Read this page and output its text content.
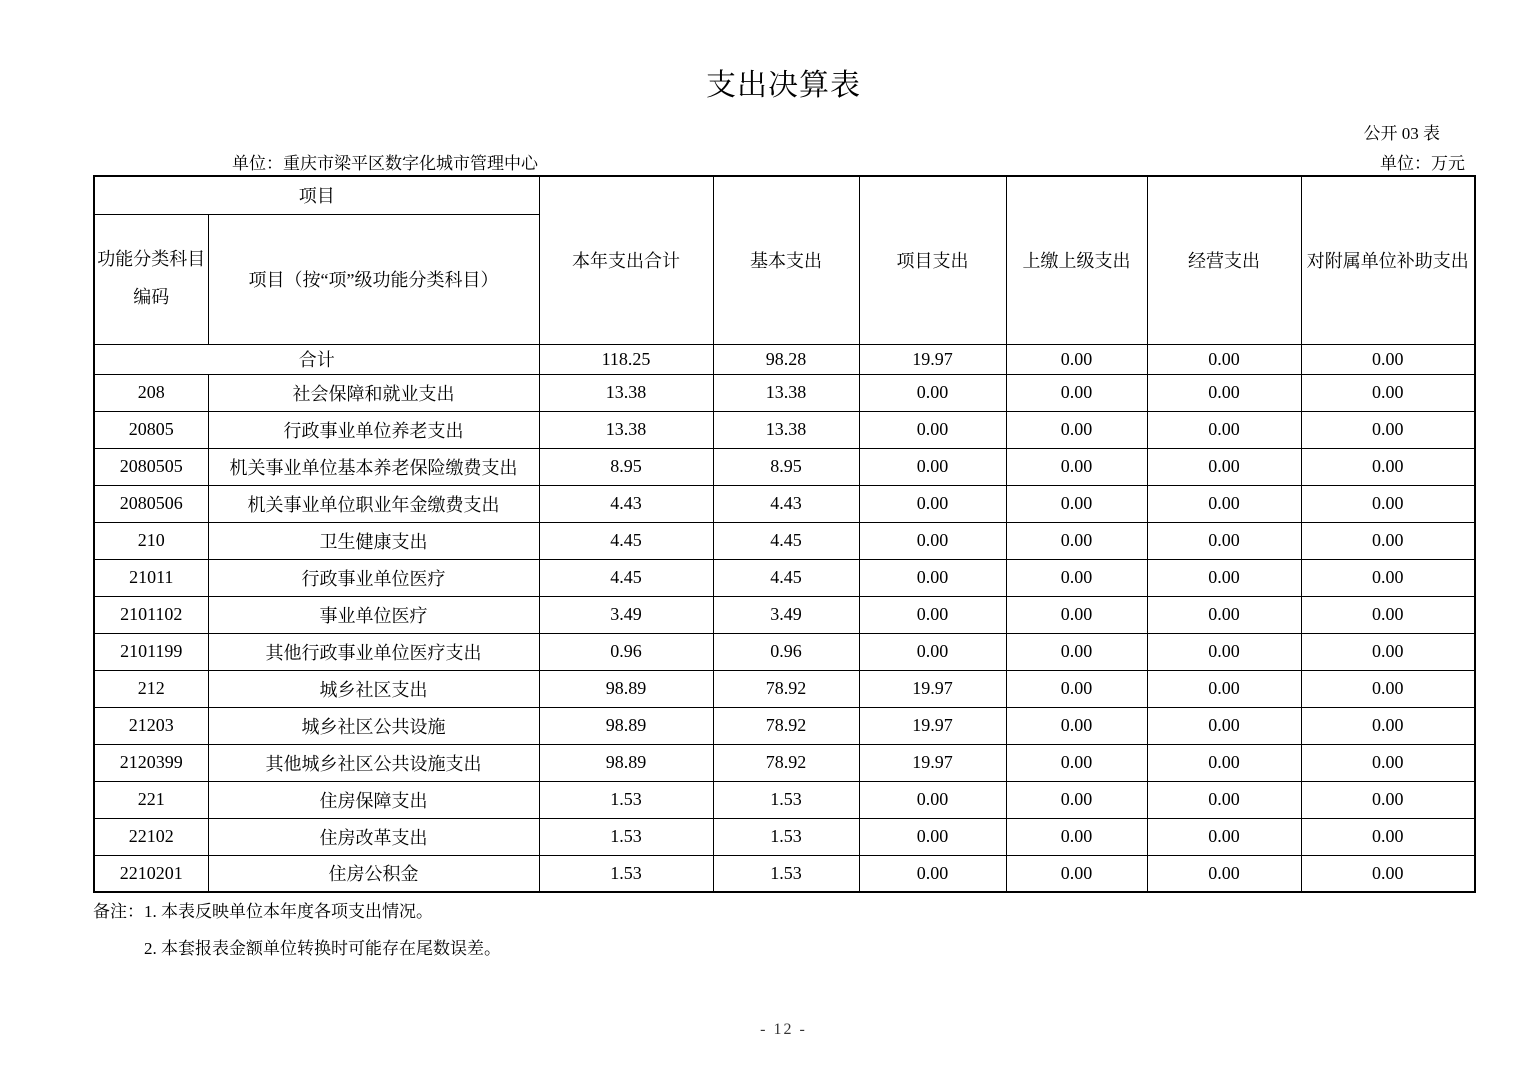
支出决算表
公开 03 表
单位：重庆市梁平区数字化城市管理中心	单位：万元
项目		本年支出合计	基本支出	项目支出	上缴上级支出	经营支出	对附属单位补助支出
功能分类科目编码	项目（按“项”级功能分类科目）						
合计		118.25	98.28	19.97	0.00	0.00	0.00
208	社会保障和就业支出	13.38	13.38	0.00	0.00	0.00	0.00
20805	行政事业单位养老支出	13.38	13.38	0.00	0.00	0.00	0.00
2080505	机关事业单位基本养老保险缴费支出	8.95	8.95	0.00	0.00	0.00	0.00
2080506	机关事业单位职业年金缴费支出	4.43	4.43	0.00	0.00	0.00	0.00
210	卫生健康支出	4.45	4.45	0.00	0.00	0.00	0.00
21011	行政事业单位医疗	4.45	4.45	0.00	0.00	0.00	0.00
2101102	事业单位医疗	3.49	3.49	0.00	0.00	0.00	0.00
2101199	其他行政事业单位医疗支出	0.96	0.96	0.00	0.00	0.00	0.00
212	城乡社区支出	98.89	78.92	19.97	0.00	0.00	0.00
21203	城乡社区公共设施	98.89	78.92	19.97	0.00	0.00	0.00
2120399	其他城乡社区公共设施支出	98.89	78.92	19.97	0.00	0.00	0.00
221	住房保障支出	1.53	1.53	0.00	0.00	0.00	0.00
22102	住房改革支出	1.53	1.53	0.00	0.00	0.00	0.00
2210201	住房公积金	1.53	1.53	0.00	0.00	0.00	0.00
备注：1. 本表反映单位本年度各项支出情况。
2. 本套报表金额单位转换时可能存在尾数误差。
- 12 -
